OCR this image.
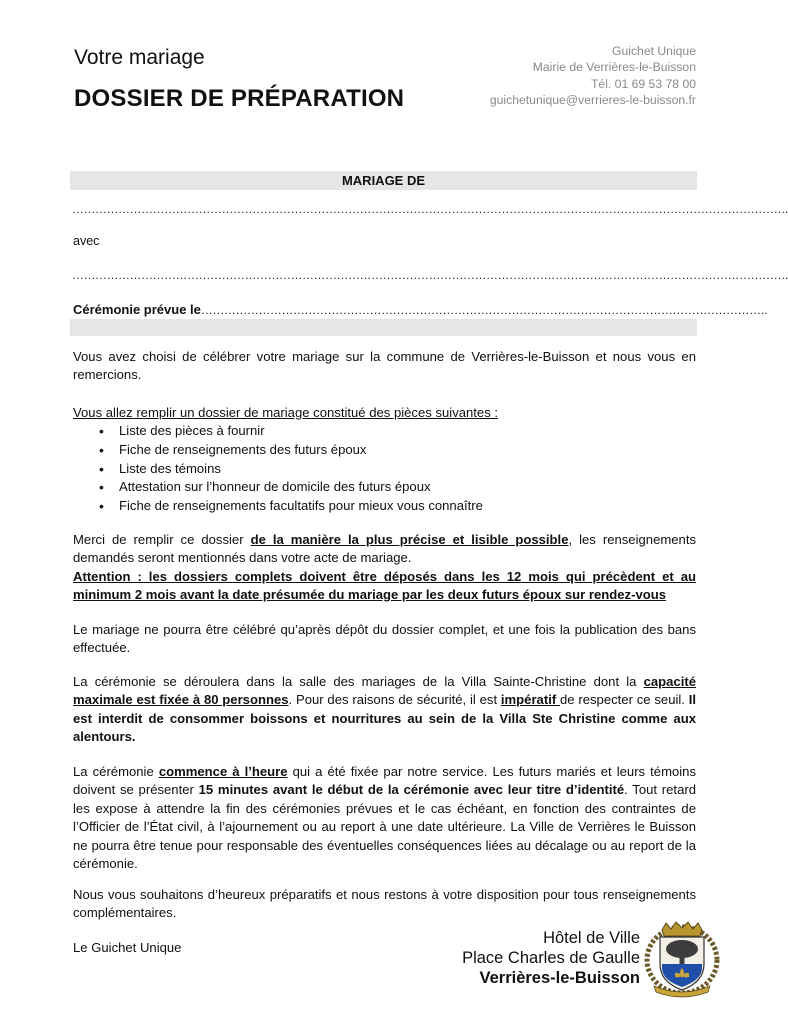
Votre mariage
DOSSIER DE PRÉPARATION
Guichet Unique
Mairie de Verrières-le-Buisson
Tél. 01 69 53 78 00
guichetunique@verrieres-le-buisson.fr
MARIAGE DE
…………………………………………………………………………………………………………………………………………………………………….
avec
…………………………………………………………………………………………………………………………………………………………………….
Cérémonie prévue le………………………………………………………………………………………………………………………………….

Vous avez choisi de célébrer votre mariage sur la commune de Verrières-le-Buisson et nous vous en remercions.

Vous allez remplir un dossier de mariage constitué des pièces suivantes :

• Liste des pièces à fournir
• Fiche de renseignements des futurs époux
• Liste des témoins
• Attestation sur l’honneur de domicile des futurs époux
• Fiche de renseignements facultatifs pour mieux vous connaître

Merci de remplir ce dossier de la manière la plus précise et lisible possible, les renseignements demandés seront mentionnés dans votre acte de mariage.

Attention : les dossiers complets doivent être déposés dans les 12 mois qui précèdent et au minimum 2 mois avant la date présumée du mariage par les deux futurs époux sur rendez-vous

Le mariage ne pourra être célébré qu’après dépôt du dossier complet, et une fois la publication des bans effectuée.

La cérémonie se déroulera dans la salle des mariages de la Villa Sainte-Christine dont la capacité maximale est fixée à 80 personnes. Pour des raisons de sécurité, il est impératif de respecter ce seuil. Il est interdit de consommer boissons et nourritures au sein de la Villa Ste Christine comme aux alentours.

La cérémonie commence à l’heure qui a été fixée par notre service. Les futurs mariés et leurs témoins doivent se présenter 15 minutes avant le début de la cérémonie avec leur titre d’identité. Tout retard les expose à attendre la fin des cérémonies prévues et le cas échéant, en fonction des contraintes de l’Officier de l’État civil, à l’ajournement ou au report à une date ultérieure. La Ville de Verrières le Buisson ne pourra être tenue pour responsable des éventuelles conséquences liées au décalage ou au report de la cérémonie.

Nous vous souhaitons d’heureux préparatifs et nous restons à votre disposition pour tous renseignements complémentaires.

Le Guichet Unique
Hôtel de Ville
Place Charles de Gaulle
Verrières-le-Buisson
